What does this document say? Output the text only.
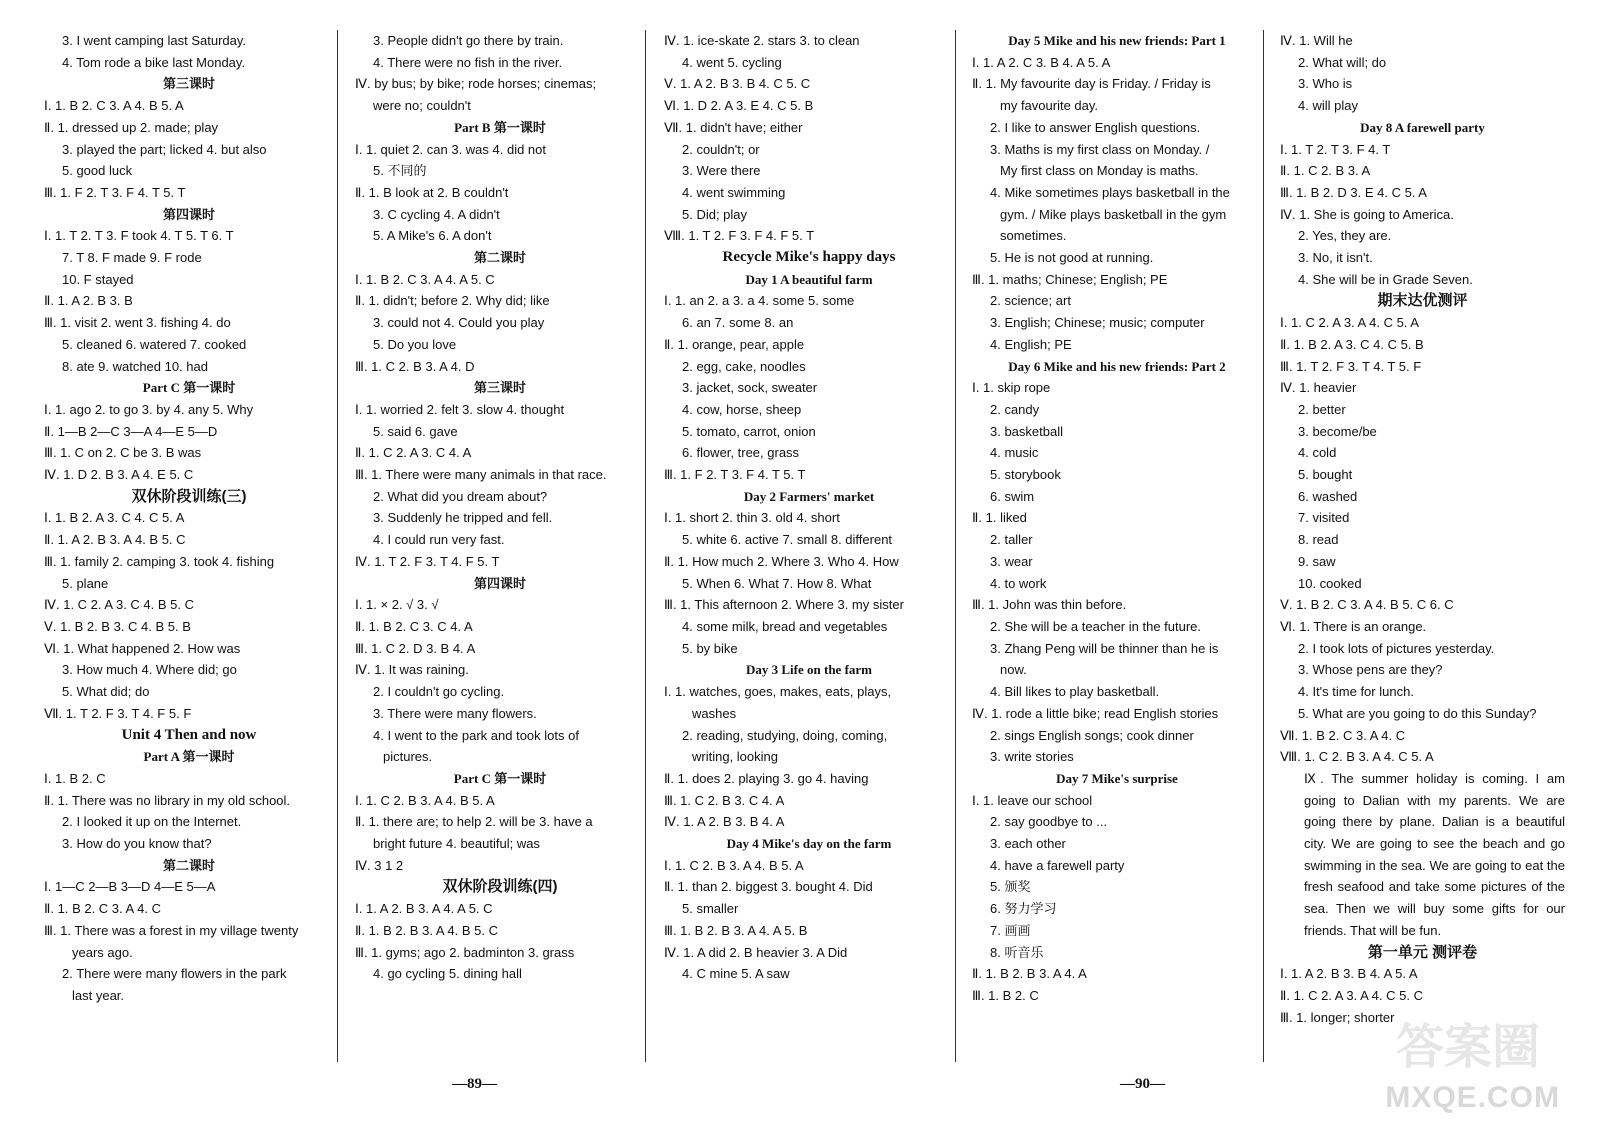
3. I went camping last Saturday.
4. Tom rode a bike last Monday.
第三课时
Ⅰ. 1. B 2. C 3. A 4. B 5. A
Ⅱ. 1. dressed up 2. made; play
3. played the part; licked 4. but also
5. good luck
Ⅲ. 1. F 2. T 3. F 4. T 5. T
第四课时
Ⅰ. 1. T 2. T 3. F took 4. T 5. T 6. T
7. T 8. F made 9. F rode
10. F stayed
Ⅱ. 1. A 2. B 3. B
Ⅲ. 1. visit 2. went 3. fishing 4. do
5. cleaned 6. watered 7. cooked
8. ate 9. watched 10. had
Part C 第一课时
Ⅰ. 1. ago 2. to go 3. by 4. any 5. Why
Ⅱ. 1—B 2—C 3—A 4—E 5—D
Ⅲ. 1. C on 2. C be 3. B was
Ⅳ. 1. D 2. B 3. A 4. E 5. C
双休阶段训练(三)
Ⅰ. 1. B 2. A 3. C 4. C 5. A
Ⅱ. 1. A 2. B 3. A 4. B 5. C
Ⅲ. 1. family 2. camping 3. took 4. fishing
5. plane
Ⅳ. 1. C 2. A 3. C 4. B 5. C
Ⅴ. 1. B 2. B 3. C 4. B 5. B
Ⅵ. 1. What happened 2. How was
3. How much 4. Where did; go
5. What did; do
Ⅶ. 1. T 2. F 3. T 4. F 5. F
Unit 4 Then and now
Part A 第一课时
Ⅰ. 1. B 2. C
Ⅱ. 1. There was no library in my old school.
2. I looked it up on the Internet.
3. How do you know that?
第二课时
Ⅰ. 1—C 2—B 3—D 4—E 5—A
Ⅱ. 1. B 2. C 3. A 4. C
Ⅲ. 1. There was a forest in my village twenty
years ago.
2. There were many flowers in the park
last year.
3. People didn't go there by train.
4. There were no fish in the river.
Ⅳ. by bus; by bike; rode horses; cinemas;
were no; couldn't
Part B 第一课时
Ⅰ. 1. quiet 2. can 3. was 4. did not
5. 不同的
Ⅱ. 1. B look at 2. B couldn't
3. C cycling 4. A didn't
5. A Mike's 6. A don't
第二课时
Ⅰ. 1. B 2. C 3. A 4. A 5. C
Ⅱ. 1. didn't; before 2. Why did; like
3. could not 4. Could you play
5. Do you love
Ⅲ. 1. C 2. B 3. A 4. D
第三课时
Ⅰ. 1. worried 2. felt 3. slow 4. thought
5. said 6. gave
Ⅱ. 1. C 2. A 3. C 4. A
Ⅲ. 1. There were many animals in that race.
2. What did you dream about?
3. Suddenly he tripped and fell.
4. I could run very fast.
Ⅳ. 1. T 2. F 3. T 4. F 5. T
第四课时
Ⅰ. 1. × 2. √ 3. √
Ⅱ. 1. B 2. C 3. C 4. A
Ⅲ. 1. C 2. D 3. B 4. A
Ⅳ. 1. It was raining.
2. I couldn't go cycling.
3. There were many flowers.
4. I went to the park and took lots of
pictures.
Part C 第一课时
Ⅰ. 1. C 2. B 3. A 4. B 5. A
Ⅱ. 1. there are; to help 2. will be 3. have a
bright future 4. beautiful; was
Ⅳ. 3 1 2
双休阶段训练(四)
Ⅰ. 1. A 2. B 3. A 4. A 5. C
Ⅱ. 1. B 2. B 3. A 4. B 5. C
Ⅲ. 1. gyms; ago 2. badminton 3. grass
4. go cycling 5. dining hall
Ⅳ. 1. ice-skate 2. stars 3. to clean
4. went 5. cycling
Ⅴ. 1. A 2. B 3. B 4. C 5. C
Ⅵ. 1. D 2. A 3. E 4. C 5. B
Ⅶ. 1. didn't have; either
2. couldn't; or
3. Were there
4. went swimming
5. Did; play
Ⅷ. 1. T 2. F 3. F 4. F 5. T
Recycle Mike's happy days
Day 1 A beautiful farm
Ⅰ. 1. an 2. a 3. a 4. some 5. some
6. an 7. some 8. an
Ⅱ. 1. orange, pear, apple
2. egg, cake, noodles
3. jacket, sock, sweater
4. cow, horse, sheep
5. tomato, carrot, onion
6. flower, tree, grass
Ⅲ. 1. F 2. T 3. F 4. T 5. T
Day 2 Farmers' market
Ⅰ. 1. short 2. thin 3. old 4. short
5. white 6. active 7. small 8. different
Ⅱ. 1. How much 2. Where 3. Who 4. How
5. When 6. What 7. How 8. What
Ⅲ. 1. This afternoon 2. Where 3. my sister
4. some milk, bread and vegetables
5. by bike
Day 3 Life on the farm
Ⅰ. 1. watches, goes, makes, eats, plays,
washes
2. reading, studying, doing, coming,
writing, looking
Ⅱ. 1. does 2. playing 3. go 4. having
Ⅲ. 1. C 2. B 3. C 4. A
Ⅳ. 1. A 2. B 3. B 4. A
Day 4 Mike's day on the farm
Ⅰ. 1. C 2. B 3. A 4. B 5. A
Ⅱ. 1. than 2. biggest 3. bought 4. Did
5. smaller
Ⅲ. 1. B 2. B 3. A 4. A 5. B
Ⅳ. 1. A did 2. B heavier 3. A Did
4. C mine 5. A saw
Day 5 Mike and his new friends: Part 1
Ⅰ. 1. A 2. C 3. B 4. A 5. A
Ⅱ. 1. My favourite day is Friday. / Friday is
my favourite day.
2. I like to answer English questions.
3. Maths is my first class on Monday. /
My first class on Monday is maths.
4. Mike sometimes plays basketball in the
gym. / Mike plays basketball in the gym
sometimes.
5. He is not good at running.
Ⅲ. 1. maths; Chinese; English; PE
2. science; art
3. English; Chinese; music; computer
4. English; PE
Day 6 Mike and his new friends: Part 2
Ⅰ. 1. skip rope
2. candy
3. basketball
4. music
5. storybook
6. swim
Ⅱ. 1. liked
2. taller
3. wear
4. to work
Ⅲ. 1. John was thin before.
2. She will be a teacher in the future.
3. Zhang Peng will be thinner than he is
now.
4. Bill likes to play basketball.
Ⅳ. 1. rode a little bike; read English stories
2. sings English songs; cook dinner
3. write stories
Day 7 Mike's surprise
Ⅰ. 1. leave our school
2. say goodbye to ...
3. each other
4. have a farewell party
5. 颁奖
6. 努力学习
7. 画画
8. 听音乐
Ⅱ. 1. B 2. B 3. A 4. A
Ⅲ. 1. B 2. C
Ⅳ. 1. Will he
2. What will; do
3. Who is
4. will play
Day 8 A farewell party
Ⅰ. 1. T 2. T 3. F 4. T
Ⅱ. 1. C 2. B 3. A
Ⅲ. 1. B 2. D 3. E 4. C 5. A
Ⅳ. 1. She is going to America.
2. Yes, they are.
3. No, it isn't.
4. She will be in Grade Seven.
期末达优测评
Ⅰ. 1. C 2. A 3. A 4. C 5. A
Ⅱ. 1. B 2. A 3. C 4. C 5. B
Ⅲ. 1. T 2. F 3. T 4. T 5. F
Ⅳ. 1. heavier
2. better
3. become/be
4. cold
5. bought
6. washed
7. visited
8. read
9. saw
10. cooked
Ⅴ. 1. B 2. C 3. A 4. B 5. C 6. C
Ⅵ. 1. There is an orange.
2. I took lots of pictures yesterday.
3. Whose pens are they?
4. It's time for lunch.
5. What are you going to do this Sunday?
Ⅶ. 1. B 2. C 3. A 4. C
Ⅷ. 1. C 2. B 3. A 4. C 5. A
Ⅸ. The summer holiday is coming. I am going to Dalian with my parents. We are going there by plane. Dalian is a beautiful city. We are going to see the beach and go swimming in the sea. We are going to eat the fresh seafood and take some pictures of the sea. Then we will buy some gifts for our friends. That will be fun.
第一单元 测评卷
Ⅰ. 1. A 2. B 3. B 4. A 5. A
Ⅱ. 1. C 2. A 3. A 4. C 5. C
Ⅲ. 1. longer; shorter
—89—	—90—
答案圈
MXQE.COM
